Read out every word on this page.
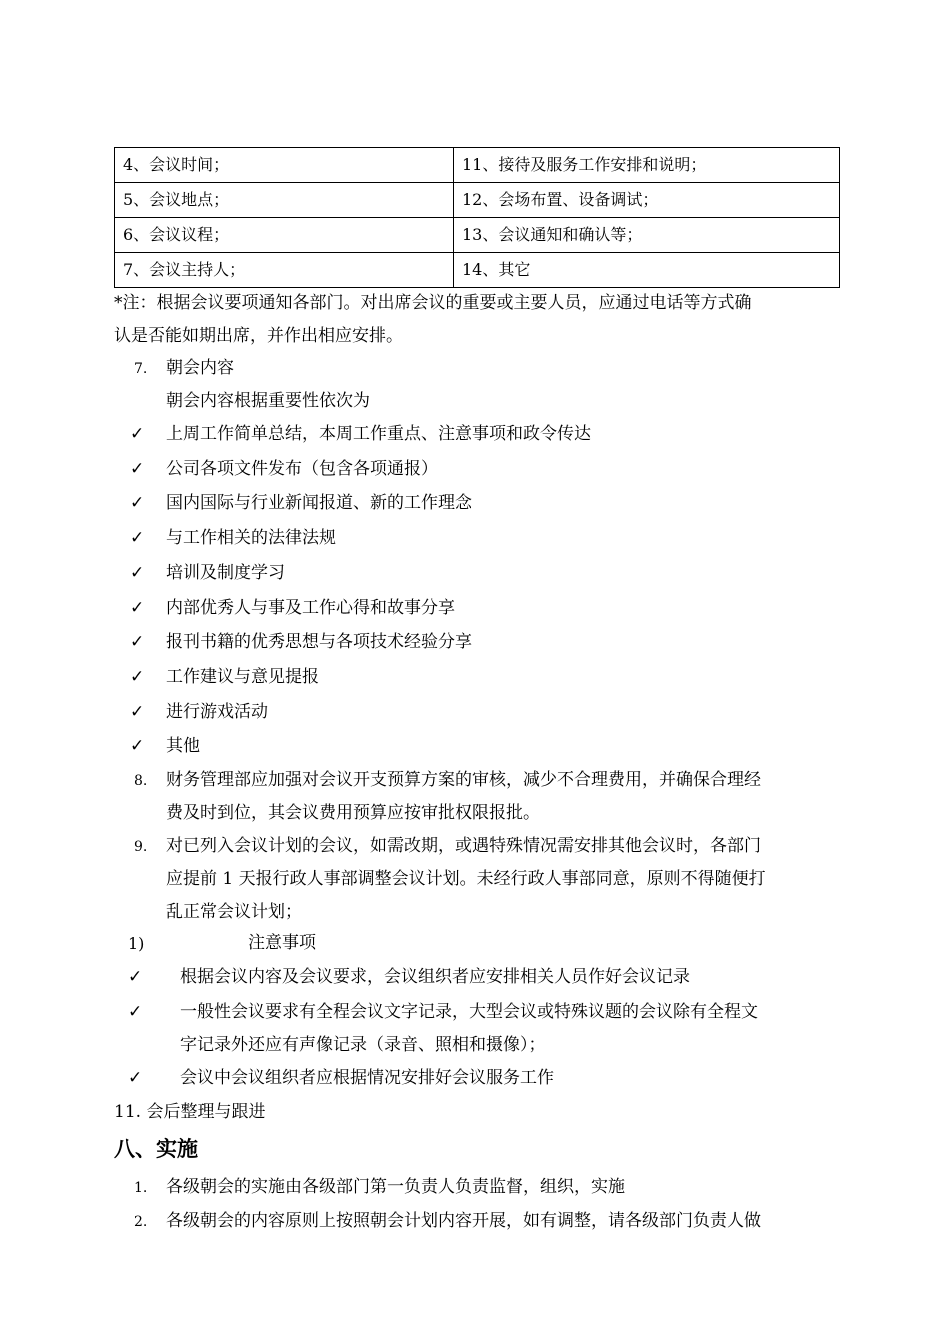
4、会议时间；	11、接待及服务工作安排和说明；
5、会议地点；	12、会场布置、设备调试；
6、会议议程；	13、会议通知和确认等；
7、会议主持人；	14、其它
*注：根据会议要项通知各部门。对出席会议的重要或主要人员，应通过电话等方式确
认是否能如期出席，并作出相应安排。
7. 朝会内容
朝会内容根据重要性依次为
✓ 上周工作简单总结，本周工作重点、注意事项和政令传达
✓ 公司各项文件发布（包含各项通报）
✓ 国内国际与行业新闻报道、新的工作理念
✓ 与工作相关的法律法规
✓ 培训及制度学习
✓ 内部优秀人与事及工作心得和故事分享
✓ 报刊书籍的优秀思想与各项技术经验分享
✓ 工作建议与意见提报
✓ 进行游戏活动
✓ 其他
8. 财务管理部应加强对会议开支预算方案的审核，减少不合理费用，并确保合理经
费及时到位，其会议费用预算应按审批权限报批。
9. 对已列入会议计划的会议，如需改期，或遇特殊情况需安排其他会议时，各部门
应提前 1 天报行政人事部调整会议计划。未经行政人事部同意，原则不得随便打
乱正常会议计划；
1)	注意事项
✓ 根据会议内容及会议要求，会议组织者应安排相关人员作好会议记录
✓ 一般性会议要求有全程会议文字记录，大型会议或特殊议题的会议除有全程文
字记录外还应有声像记录（录音、照相和摄像）；
✓ 会议中会议组织者应根据情况安排好会议服务工作
11. 会后整理与跟进
八、实施
1. 各级朝会的实施由各级部门第一负责人负责监督，组织，实施
2. 各级朝会的内容原则上按照朝会计划内容开展，如有调整，请各级部门负责人做
